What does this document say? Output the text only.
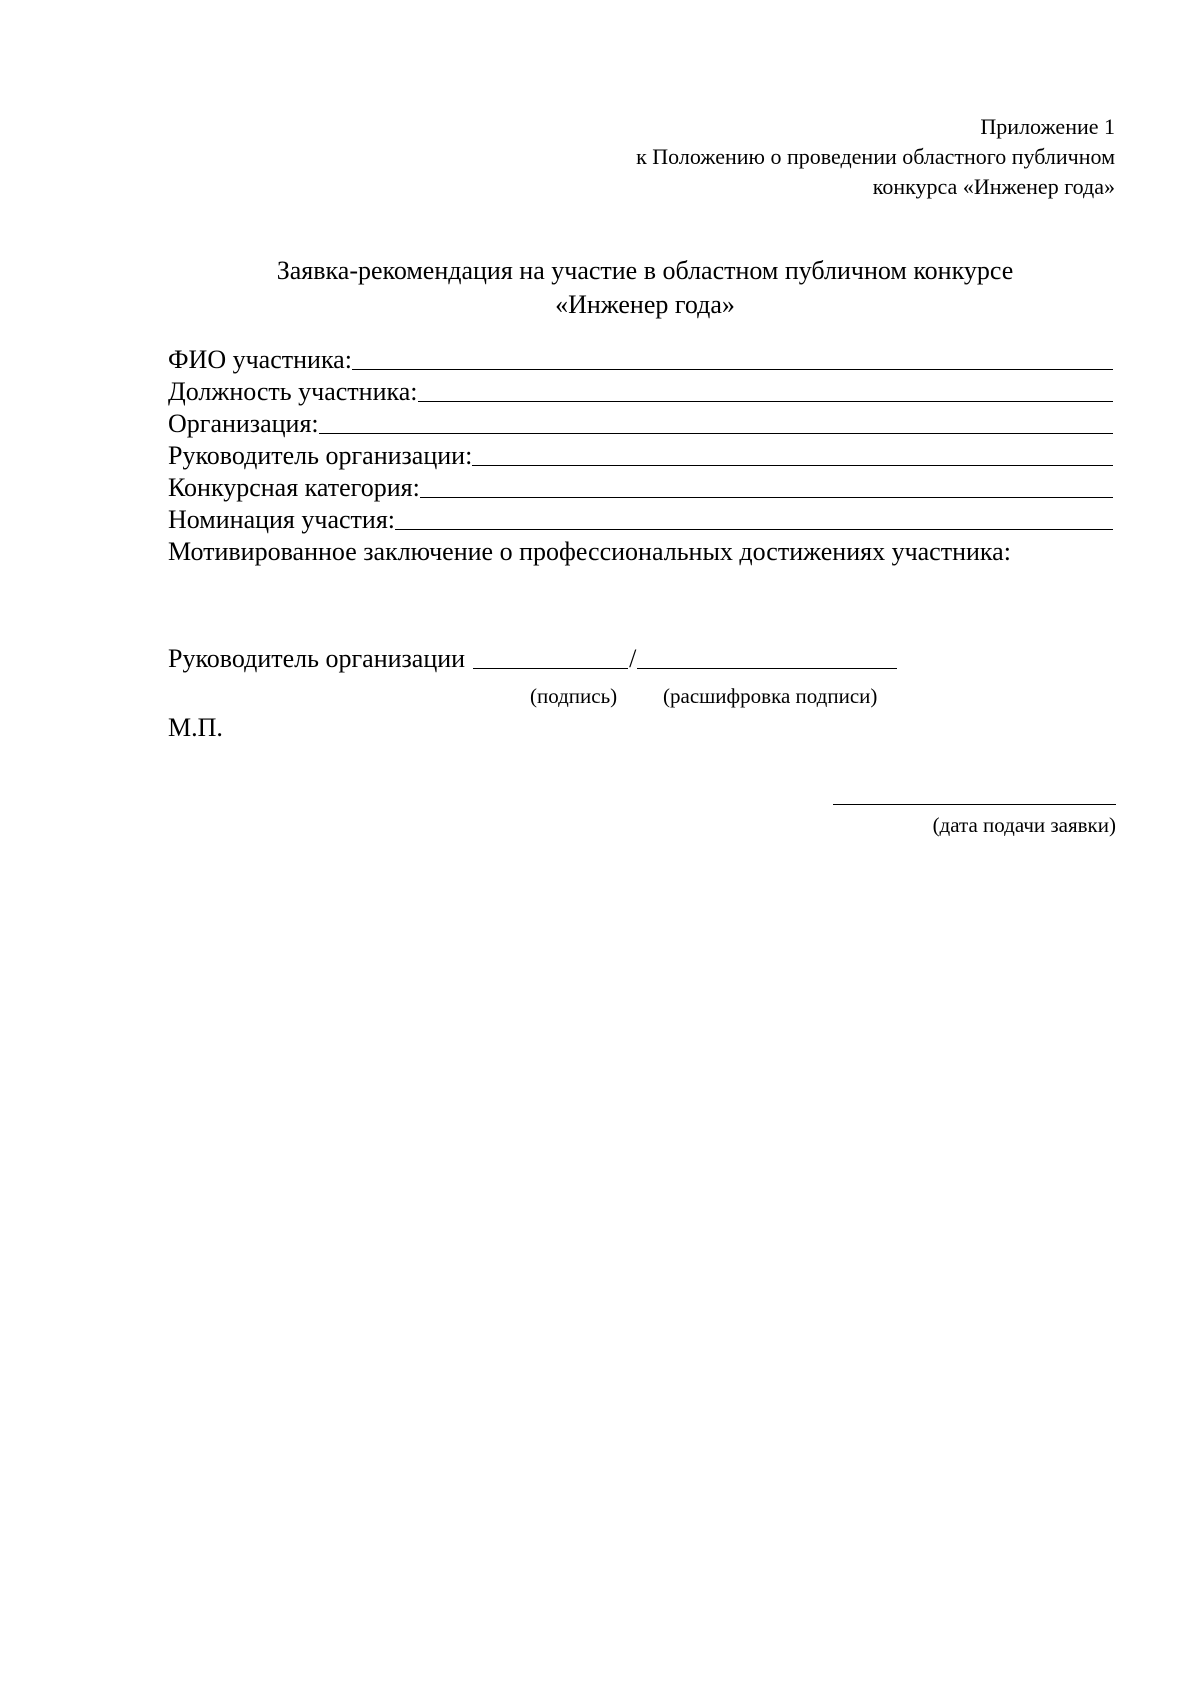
Приложение 1
к Положению о проведении областного публичном
конкурса «Инженер года»
Заявка-рекомендация на участие в областном публичном конкурсе
«Инженер года»
ФИО участника:
Должность участника:
Организация:
Руководитель организации:
Конкурсная категория:
Номинация участия:
Мотивированное заключение о профессиональных достижениях участника:
Руководитель организации	/
(подпись) (расшифровка подписи)
М.П.
(дата подачи заявки)
